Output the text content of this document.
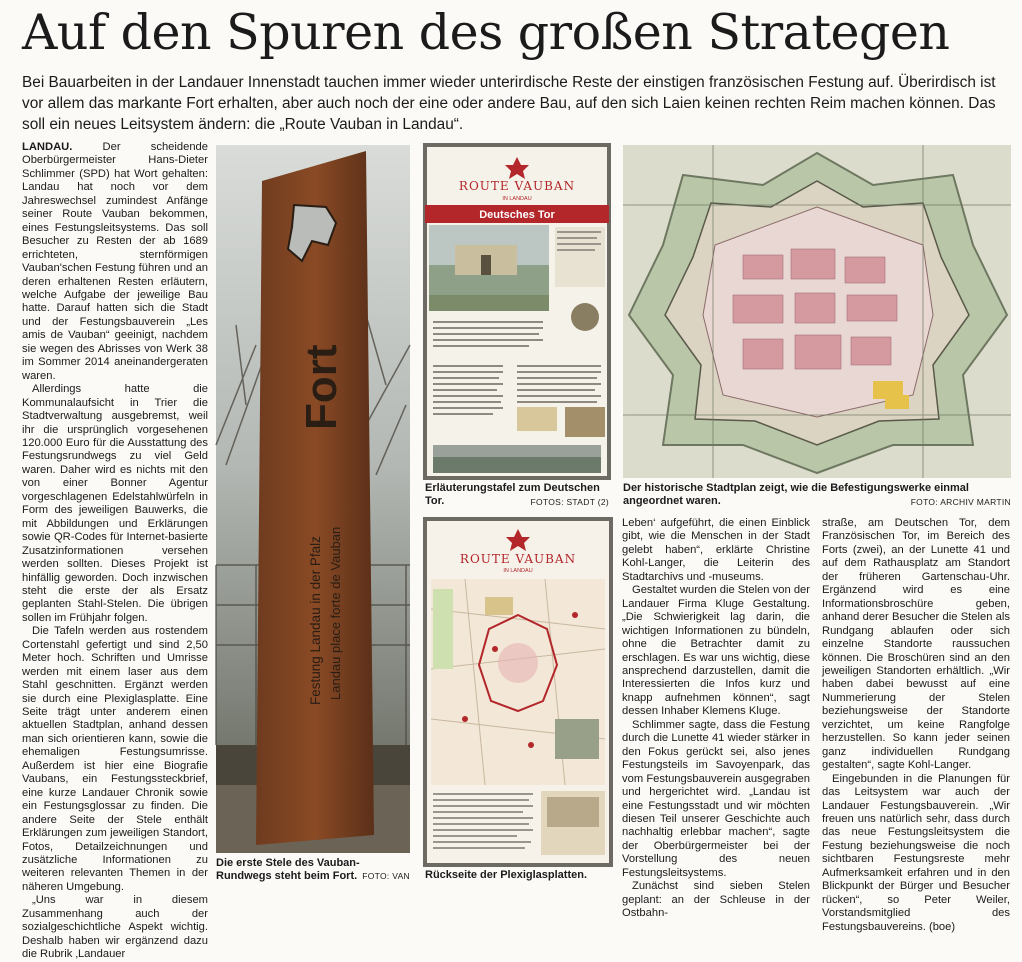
Auf den Spuren des großen Strategen

Bei Bauarbeiten in der Landauer Innenstadt tauchen immer wieder unterirdische Reste der einstigen französischen Festung auf. Überirdisch ist vor allem das markante Fort erhalten, aber auch noch der eine oder andere Bau, auf den sich Laien keinen rechten Reim machen können. Das soll ein neues Leitsystem ändern: die „Route Vauban in Landau“.

LANDAU.	Der scheidende Oberbürgermeister Hans-Dieter Schlimmer (SPD) hat Wort gehalten: Landau hat noch vor dem Jahreswechsel zumindest Anfänge seiner Route Vauban bekommen, eines Festungsleitsystems. Das soll Besucher zu Resten der ab 1689 errichteten, sternförmigen Vauban'schen Festung führen und an deren erhaltenen Resten erläutern, welche Aufgabe der jeweilige Bau hatte. Darauf hatten sich die Stadt und der Festungsbauverein „Les amis de Vauban“ geeinigt, nachdem sie wegen des Abrisses von Werk 38 im Sommer 2014 aneinandergeraten waren.

Allerdings hatte die Kommunalaufsicht in Trier die Stadtverwaltung ausgebremst, weil ihr die ursprünglich vorgesehenen 120.000 Euro für die Ausstattung des Festungsrundwegs zu viel Geld waren. Daher wird es nichts mit den von einer Bonner Agentur vorgeschlagenen Edelstahlwürfeln in Form des jeweiligen Bauwerks, die mit Abbildungen und Erklärungen sowie QR-Codes für Internet-basierte Zusatzinformationen versehen werden sollten. Dieses Projekt ist hinfällig geworden. Doch inzwischen steht die erste der als Ersatz geplanten Stahl-Stelen. Die übrigen sollen im Frühjahr folgen.

Die Tafeln werden aus rostendem Cortenstahl gefertigt und sind 2,50 Meter hoch. Schriften und Umrisse werden mit einem laser aus dem Stahl geschnitten. Ergänzt werden sie durch eine Plexiglasplatte. Eine Seite trägt unter anderem einen aktuellen Stadtplan, anhand dessen man sich orientieren kann, sowie die ehemaligen Festungsumrisse. Außerdem ist hier eine Biografie Vaubans, ein Festungssteckbrief, eine kurze Landauer Chronik sowie ein Festungsglossar zu finden. Die andere Seite der Stele enthält Erklärungen zum jeweiligen Standort, Fotos, Detailzeichnungen und zusätzliche Informationen zu weiteren relevanten Themen in der näheren Umgebung.

„Uns war in diesem Zusammenhang auch der sozialgeschichtliche Aspekt wichtig. Deshalb haben wir ergänzend dazu die Rubrik ‚Landauer

Fort
Festung Landau in der Pfalz Landau place forte de Vauban
Die erste Stele des Vauban-Rundwegs steht beim Fort. FOTO: VAN
ROUTE VAUBAN
IN LANDAU
Deutsches Tor
Erläuterungstafel zum Deutschen Tor.	FOTOS: STADT (2)
Der historische Stadtplan zeigt, wie die Befestigungswerke einmal angeordnet waren.	FOTO: ARCHIV MARTIN
ROUTE VAUBAN
IN LANDAU
Rückseite der Plexiglasplatten.

Leben‘ aufgeführt, die einen Einblick gibt, wie die Menschen in der Stadt gelebt haben“, erklärte Christine Kohl-Langer, die Leiterin des Stadtarchivs und -museums.

Gestaltet wurden die Stelen von der Landauer Firma Kluge Gestaltung. „Die Schwierigkeit lag darin, die wichtigen Informationen zu bündeln, ohne die Betrachter damit zu erschlagen. Es war uns wichtig, diese ansprechend darzustellen, damit die Interessierten die Infos kurz und knapp aufnehmen können“, sagt dessen Inhaber Klemens Kluge.

Schlimmer sagte, dass die Festung durch die Lunette 41 wieder stärker in den Fokus gerückt sei, also jenes Festungsteils im Savoyenpark, das vom Festungsbauverein ausgegraben und hergerichtet wird. „Landau ist eine Festungsstadt und wir möchten diesen Teil unserer Geschichte auch nachhaltig erlebbar machen“, sagte der Oberbürgermeister bei der Vorstellung des neuen Festungsleitsystems.

Zunächst sind sieben Stelen geplant: an der Schleuse in der Ostbahn-

straße, am Deutschen Tor, dem Französischen Tor, im Bereich des Forts (zwei), an der Lunette 41 und auf dem Rathausplatz am Standort der früheren Gartenschau-Uhr. Ergänzend wird es eine Informationsbroschüre geben, anhand derer Besucher die Stelen als Rundgang ablaufen oder sich einzelne Standorte raussuchen können. Die Broschüren sind an den jeweiligen Standorten erhältlich. „Wir haben dabei bewusst auf eine Nummerierung der Stelen beziehungsweise der Standorte verzichtet, um keine Rangfolge herzustellen. So kann jeder seinen ganz individuellen Rundgang gestalten“, sagte Kohl-Langer.

Eingebunden in die Planungen für das Leitsystem war auch der Landauer Festungsbauverein. „Wir freuen uns natürlich sehr, dass durch das neue Festungsleitsystem die Festung beziehungsweise die noch sichtbaren Festungsreste mehr Aufmerksamkeit erfahren und in den Blickpunkt der Bürger und Besucher rücken“, so Peter Weiler, Vorstandsmitglied des Festungsbauvereins. (boe)
